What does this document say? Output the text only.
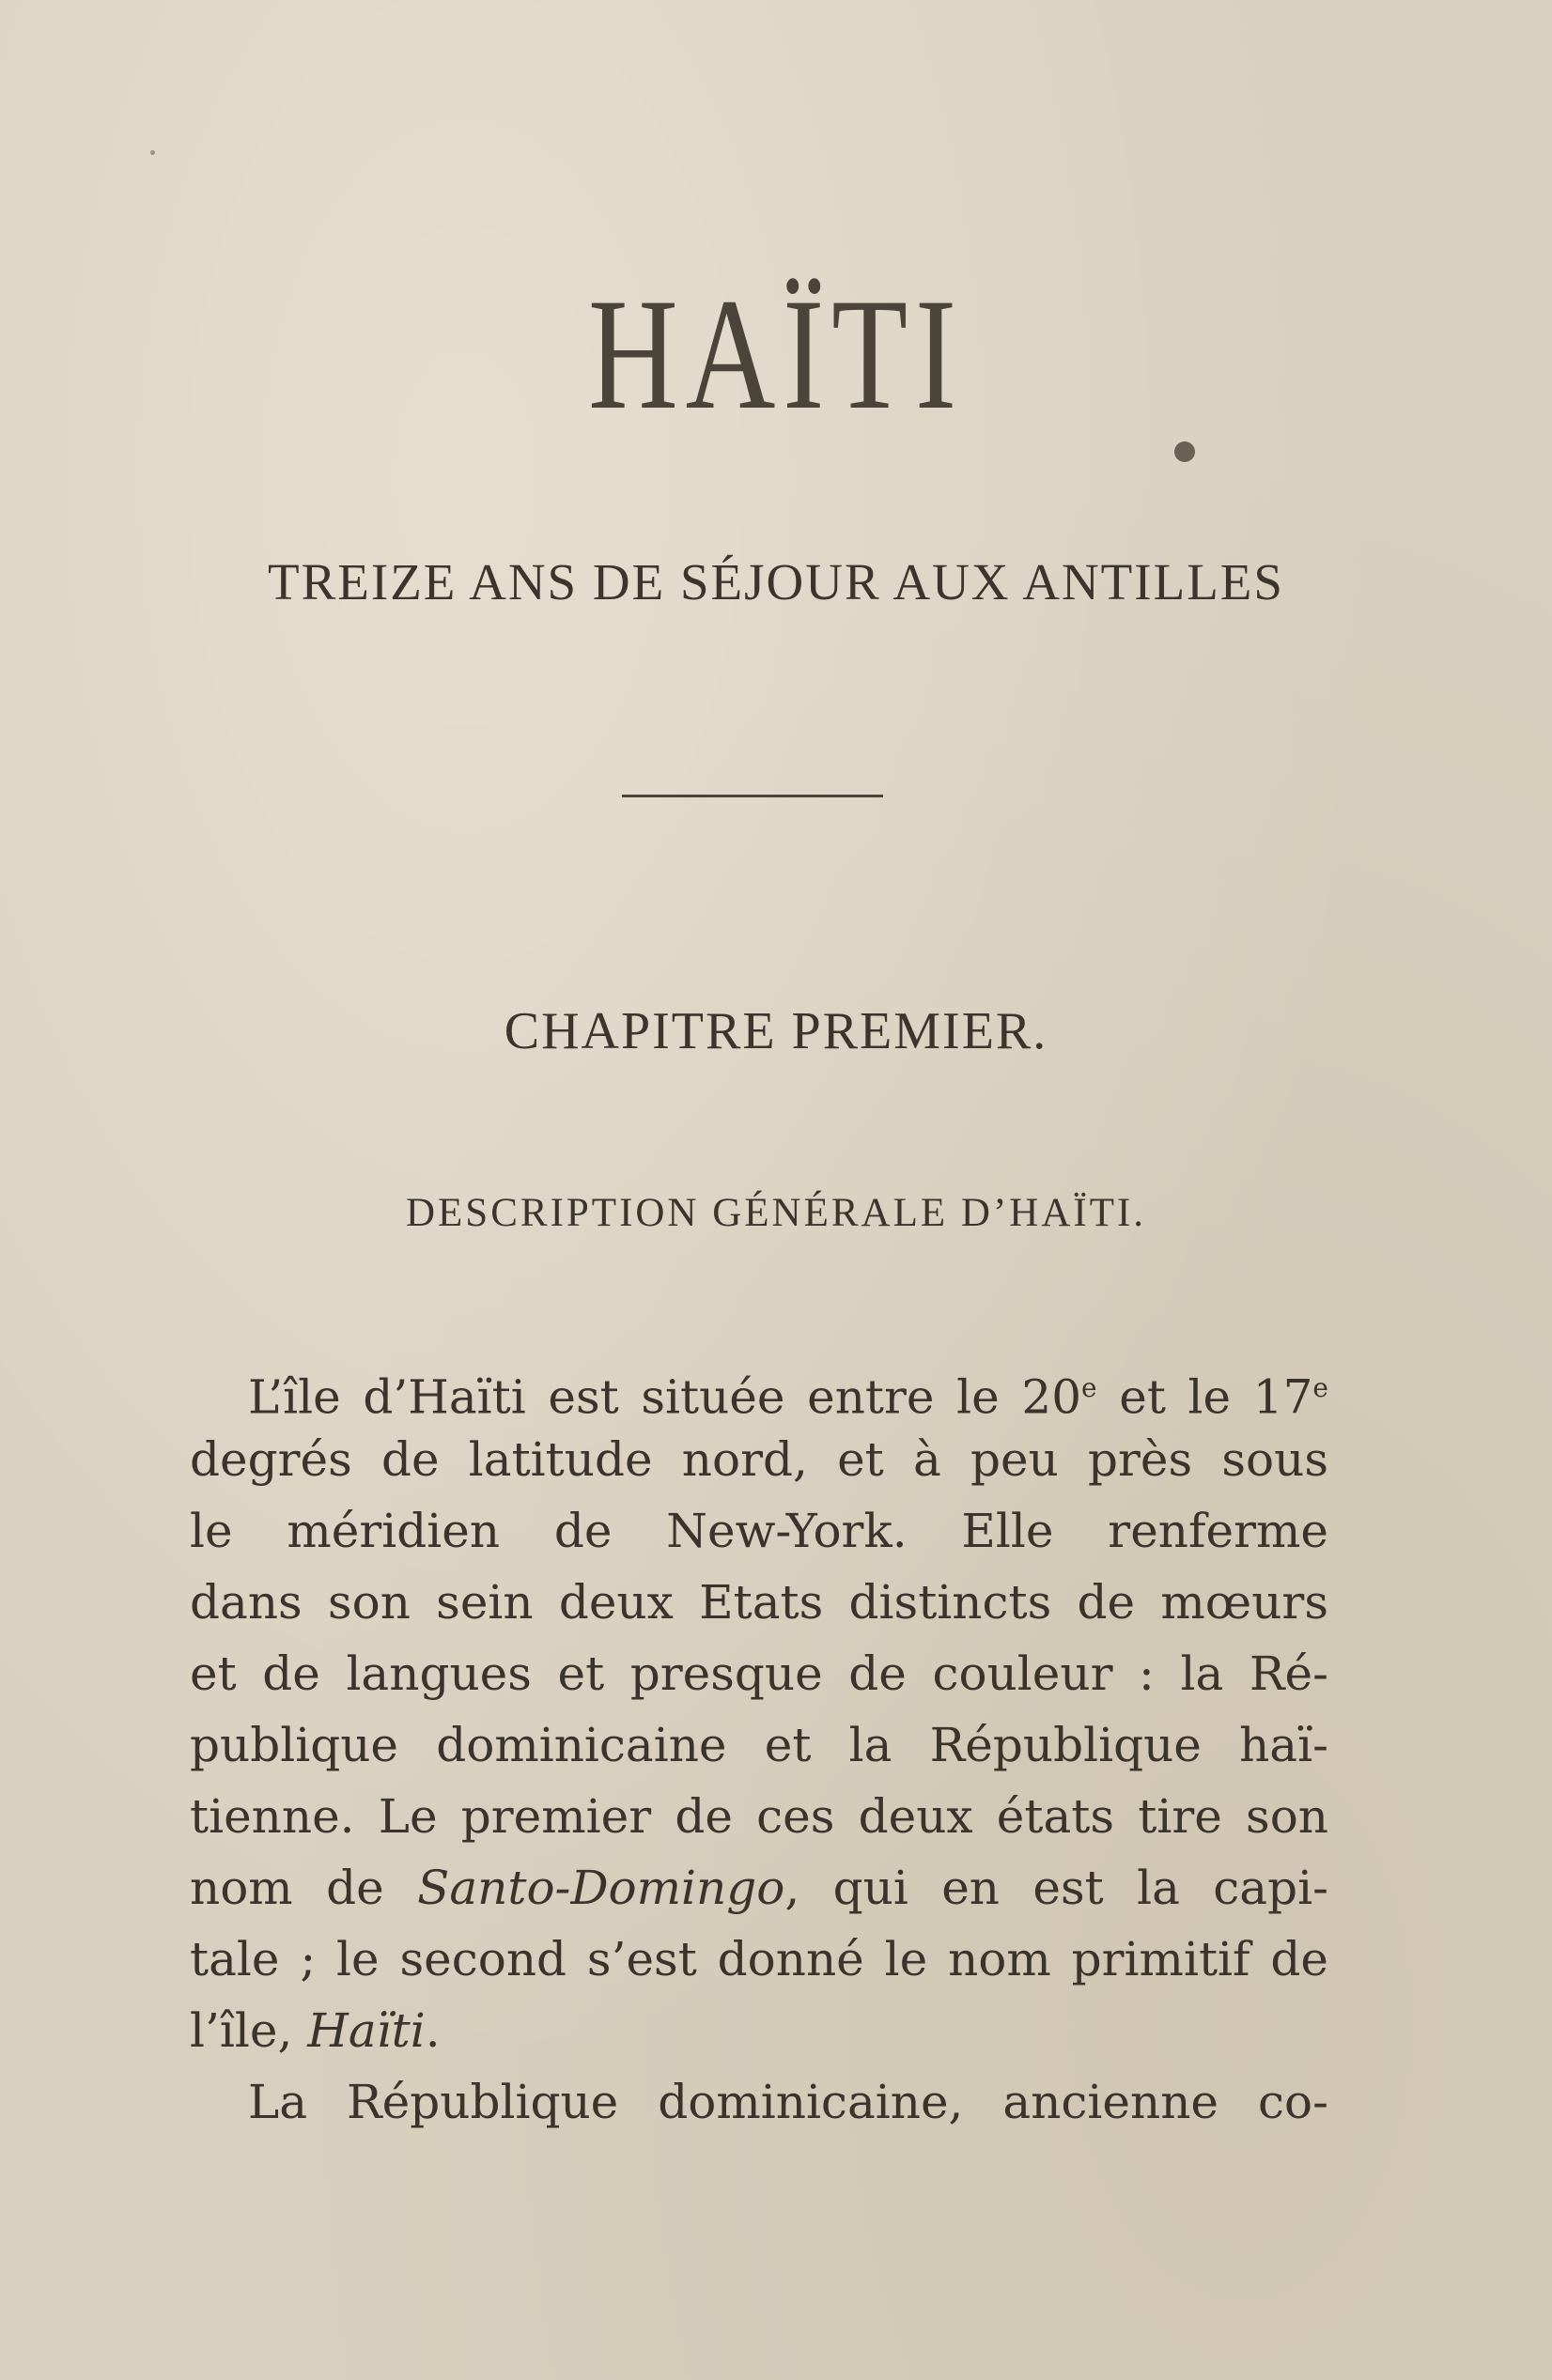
HAÏTI
TREIZE ANS DE SÉJOUR AUX ANTILLES
CHAPITRE PREMIER.
DESCRIPTION GÉNÉRALE D’HAÏTI.
L’île d’Haïti est située entre le 20e et le 17e
degrés de latitude nord, et à peu près sous
le méridien de New-York. Elle renferme
dans son sein deux Etats distincts de mœurs
et de langues et presque de couleur : la Ré-
publique dominicaine et la République haï-
tienne. Le premier de ces deux états tire son
nom de Santo-Domingo, qui en est la capi-
tale ; le second s’est donné le nom primitif de
l’île, Haïti.
La République dominicaine, ancienne co-
